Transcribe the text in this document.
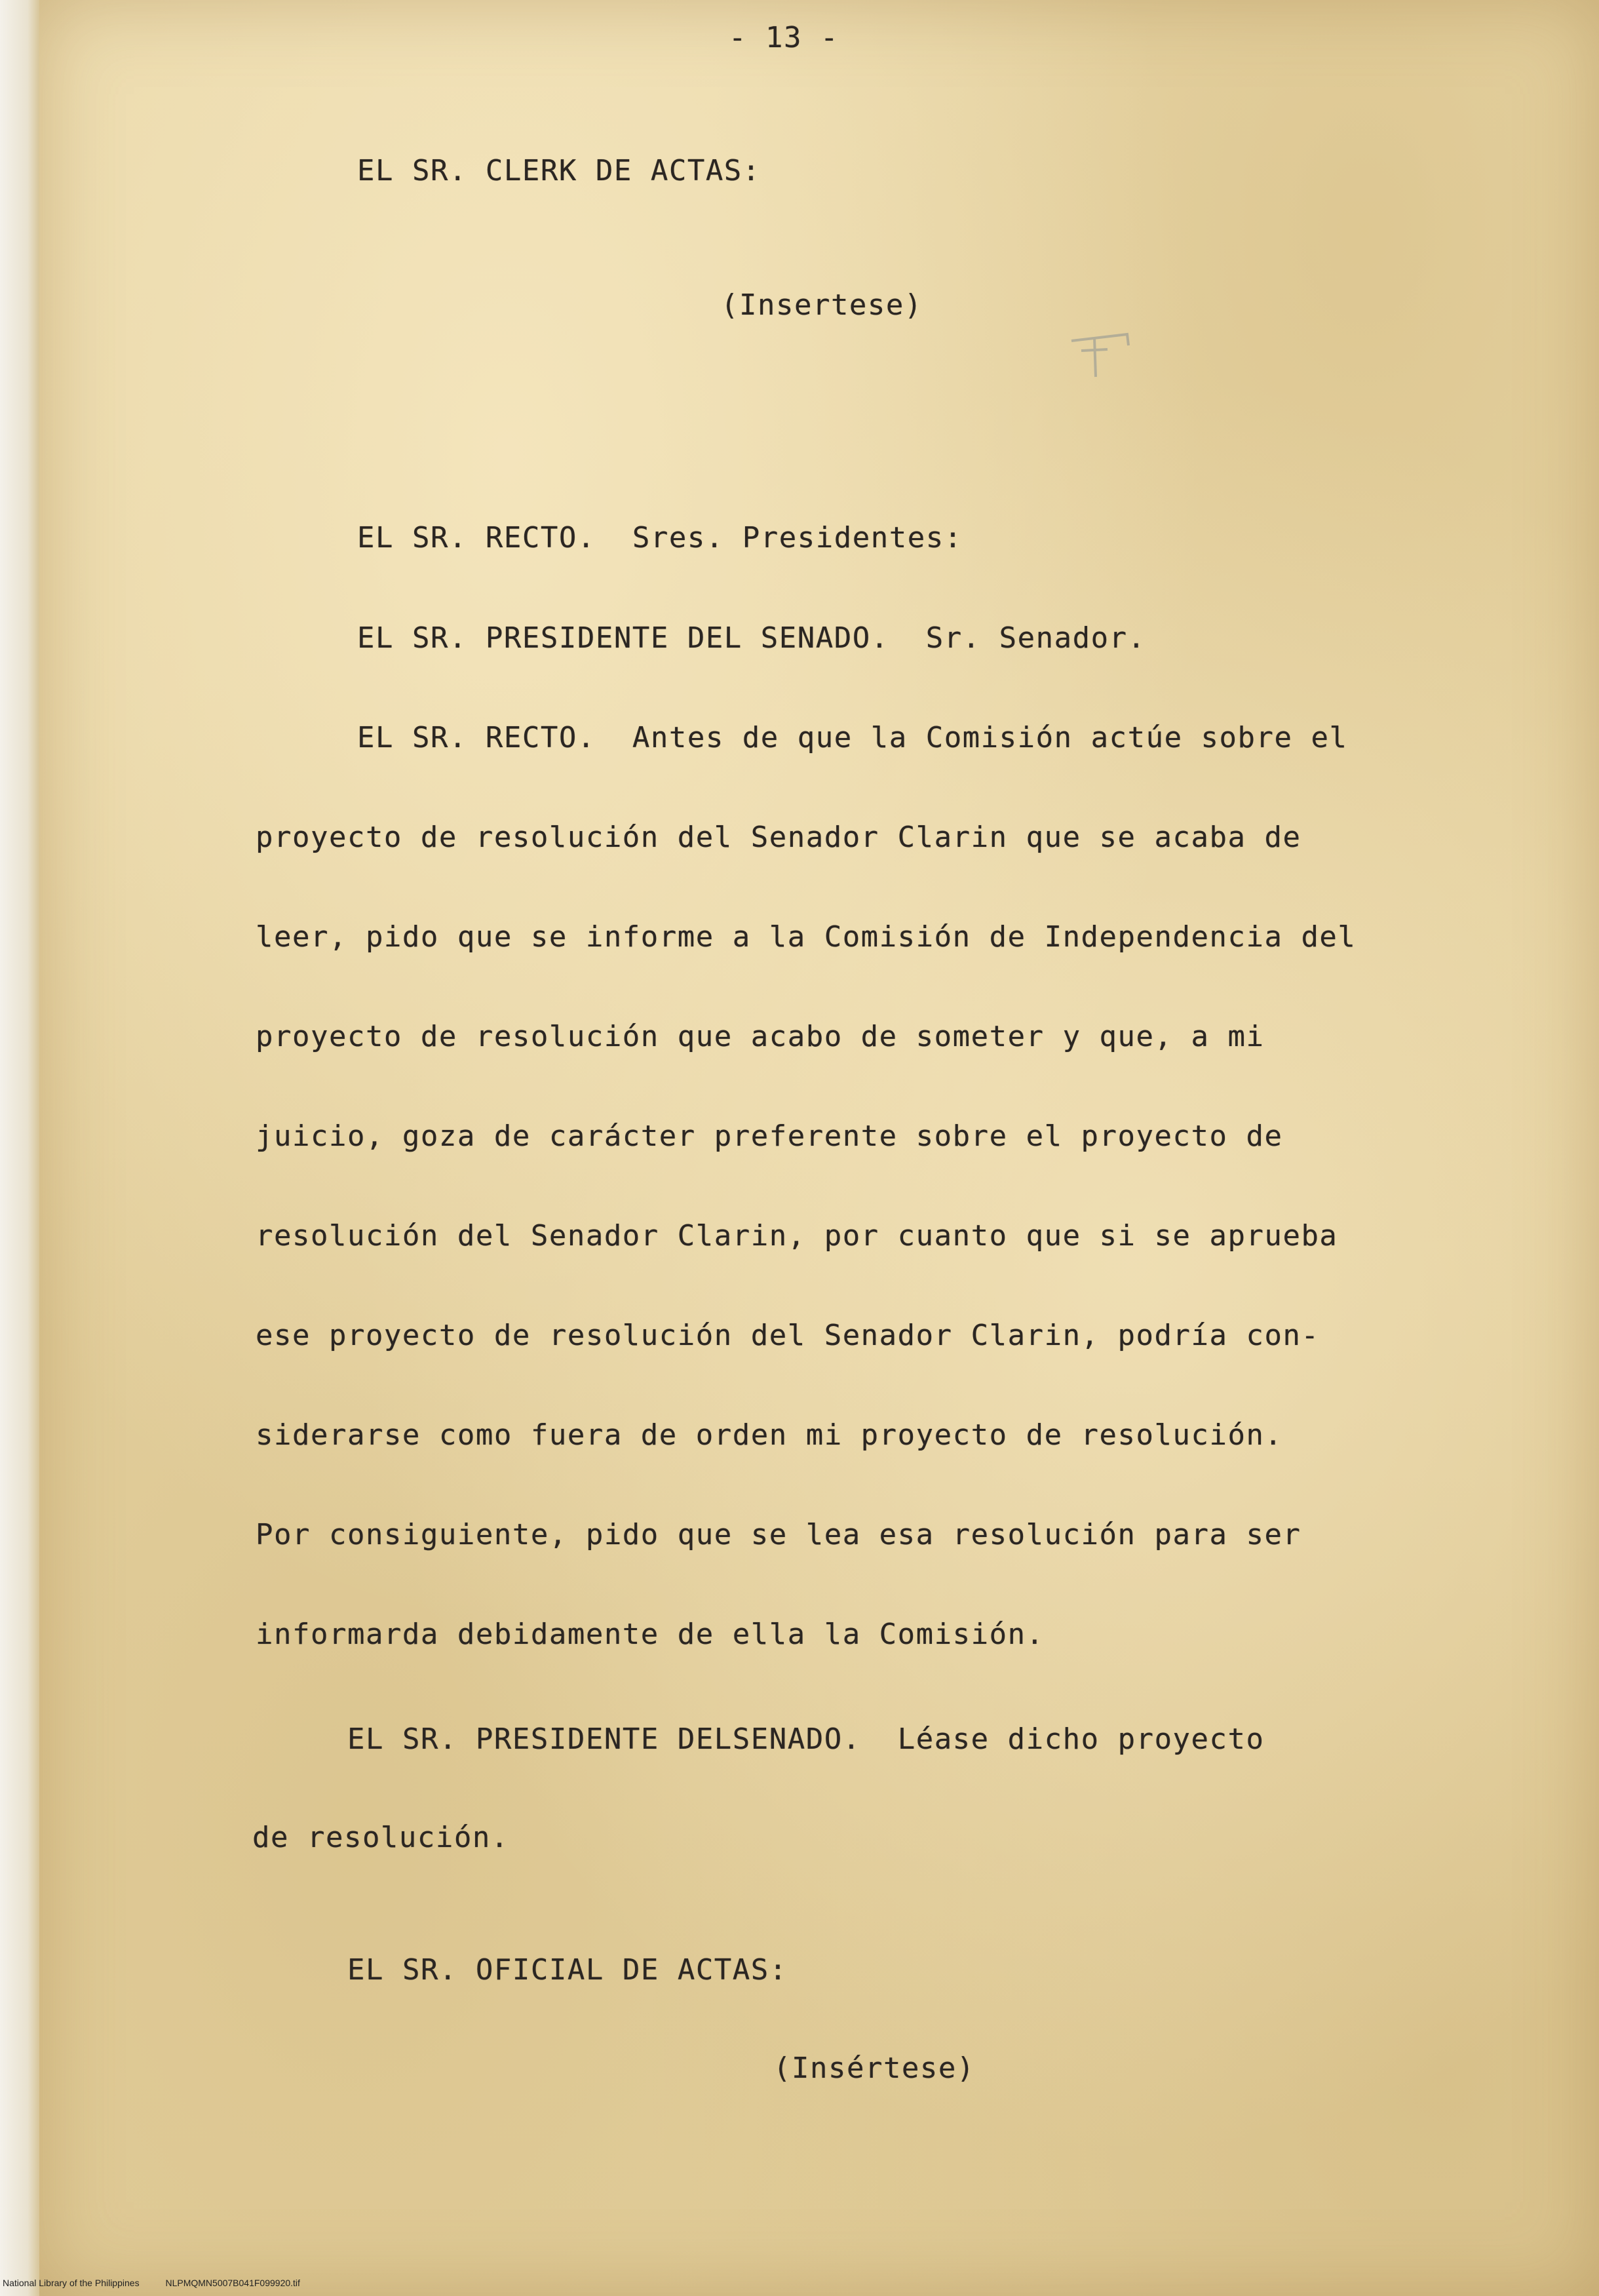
- 13 -
EL SR. CLERK DE ACTAS:
(Insertese)
EL SR. RECTO.  Sres. Presidentes:
EL SR. PRESIDENTE DEL SENADO.  Sr. Senador.
EL SR. RECTO.  Antes de que la Comisión actúe sobre el
proyecto de resolución del Senador Clarin que se acaba de
leer, pido que se informe a la Comisión de Independencia del
proyecto de resolución que acabo de someter y que, a mi
juicio, goza de carácter preferente sobre el proyecto de
resolución del Senador Clarin, por cuanto que si se aprueba
ese proyecto de resolución del Senador Clarin, podría con-
siderarse como fuera de orden mi proyecto de resolución.
Por consiguiente, pido que se lea esa resolución para ser
informarda debidamente de ella la Comisión.
EL SR. PRESIDENTE DELSENADO.  Léase dicho proyecto
de resolución.
EL SR. OFICIAL DE ACTAS:
(Insértese)
National Library of the Philippines	NLPMQMN5007B041F099920.tif
